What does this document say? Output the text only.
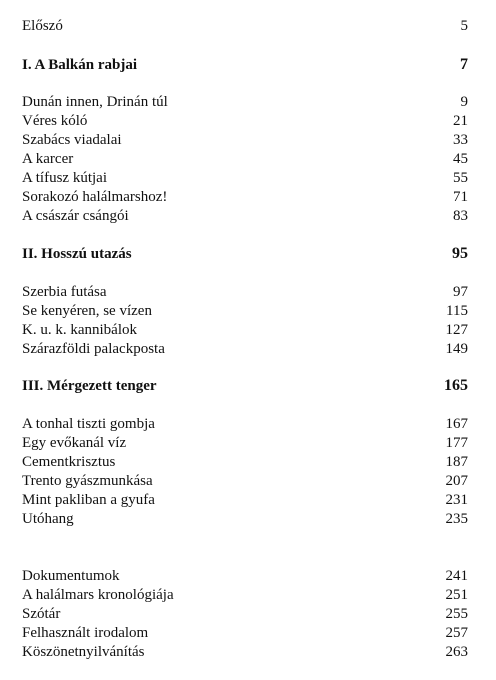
Előszó	5
I. A Balkán rabjai	7
Dunán innen, Drinán túl	9
Véres kóló	21
Szabács viadalai	33
A karcer	45
A tífusz kútjai	55
Sorakozó halálmarshoz!	71
A császár csángói	83
II. Hosszú utazás	95
Szerbia futása	97
Se kenyéren, se vízen	115
K. u. k. kannibálok	127
Szárazföldi palackposta	149
III. Mérgezett tenger	165
A tonhal tiszti gombja	167
Egy evőkanál víz	177
Cementkrisztus	187
Trento gyászmunkása	207
Mint pakliban a gyufa	231
Utóhang	235
Dokumentumok	241
A halálmars kronológiája	251
Szótár	255
Felhasznált irodalom	257
Köszönetnyilvánítás	263
